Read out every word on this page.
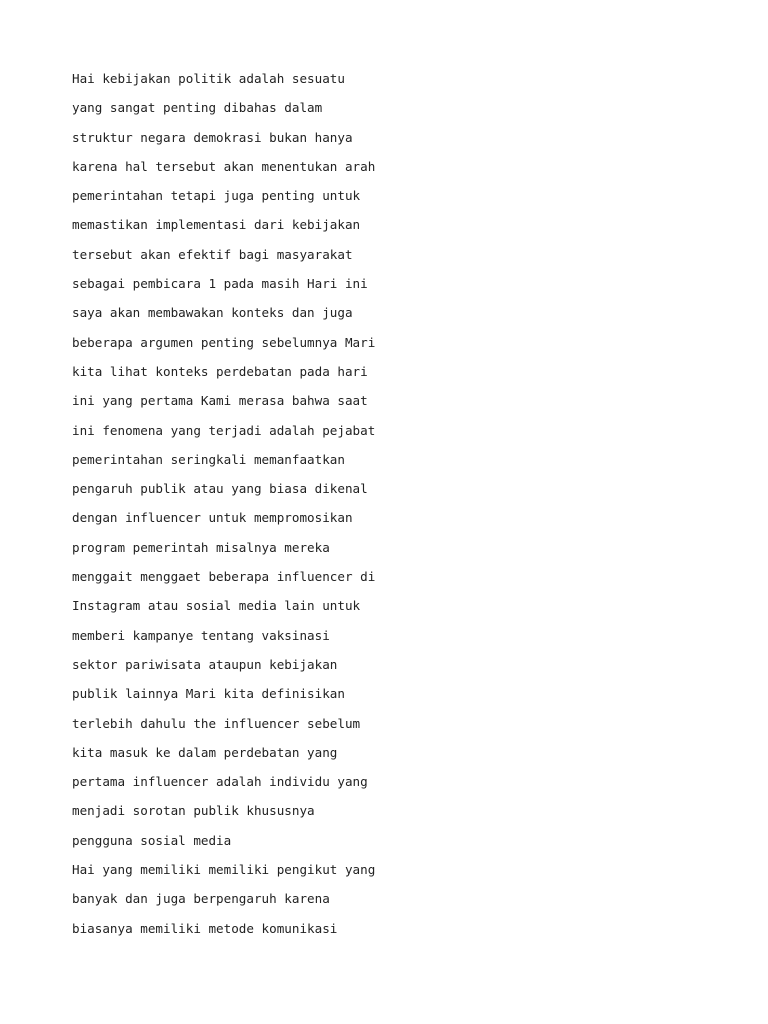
Hai kebijakan politik adalah sesuatu
yang sangat penting dibahas dalam
struktur negara demokrasi bukan hanya
karena hal tersebut akan menentukan arah
pemerintahan tetapi juga penting untuk
memastikan implementasi dari kebijakan
tersebut akan efektif bagi masyarakat
sebagai pembicara 1 pada masih Hari ini
saya akan membawakan konteks dan juga
beberapa argumen penting sebelumnya Mari
kita lihat konteks perdebatan pada hari
ini yang pertama Kami merasa bahwa saat
ini fenomena yang terjadi adalah pejabat
pemerintahan seringkali memanfaatkan
pengaruh publik atau yang biasa dikenal
dengan influencer untuk mempromosikan
program pemerintah misalnya mereka
menggait menggaet beberapa influencer di
Instagram atau sosial media lain untuk
memberi kampanye tentang vaksinasi
sektor pariwisata ataupun kebijakan
publik lainnya Mari kita definisikan
terlebih dahulu the influencer sebelum
kita masuk ke dalam perdebatan yang
pertama influencer adalah individu yang
menjadi sorotan publik khususnya
pengguna sosial media
Hai yang memiliki memiliki pengikut yang
banyak dan juga berpengaruh karena
biasanya memiliki metode komunikasi
